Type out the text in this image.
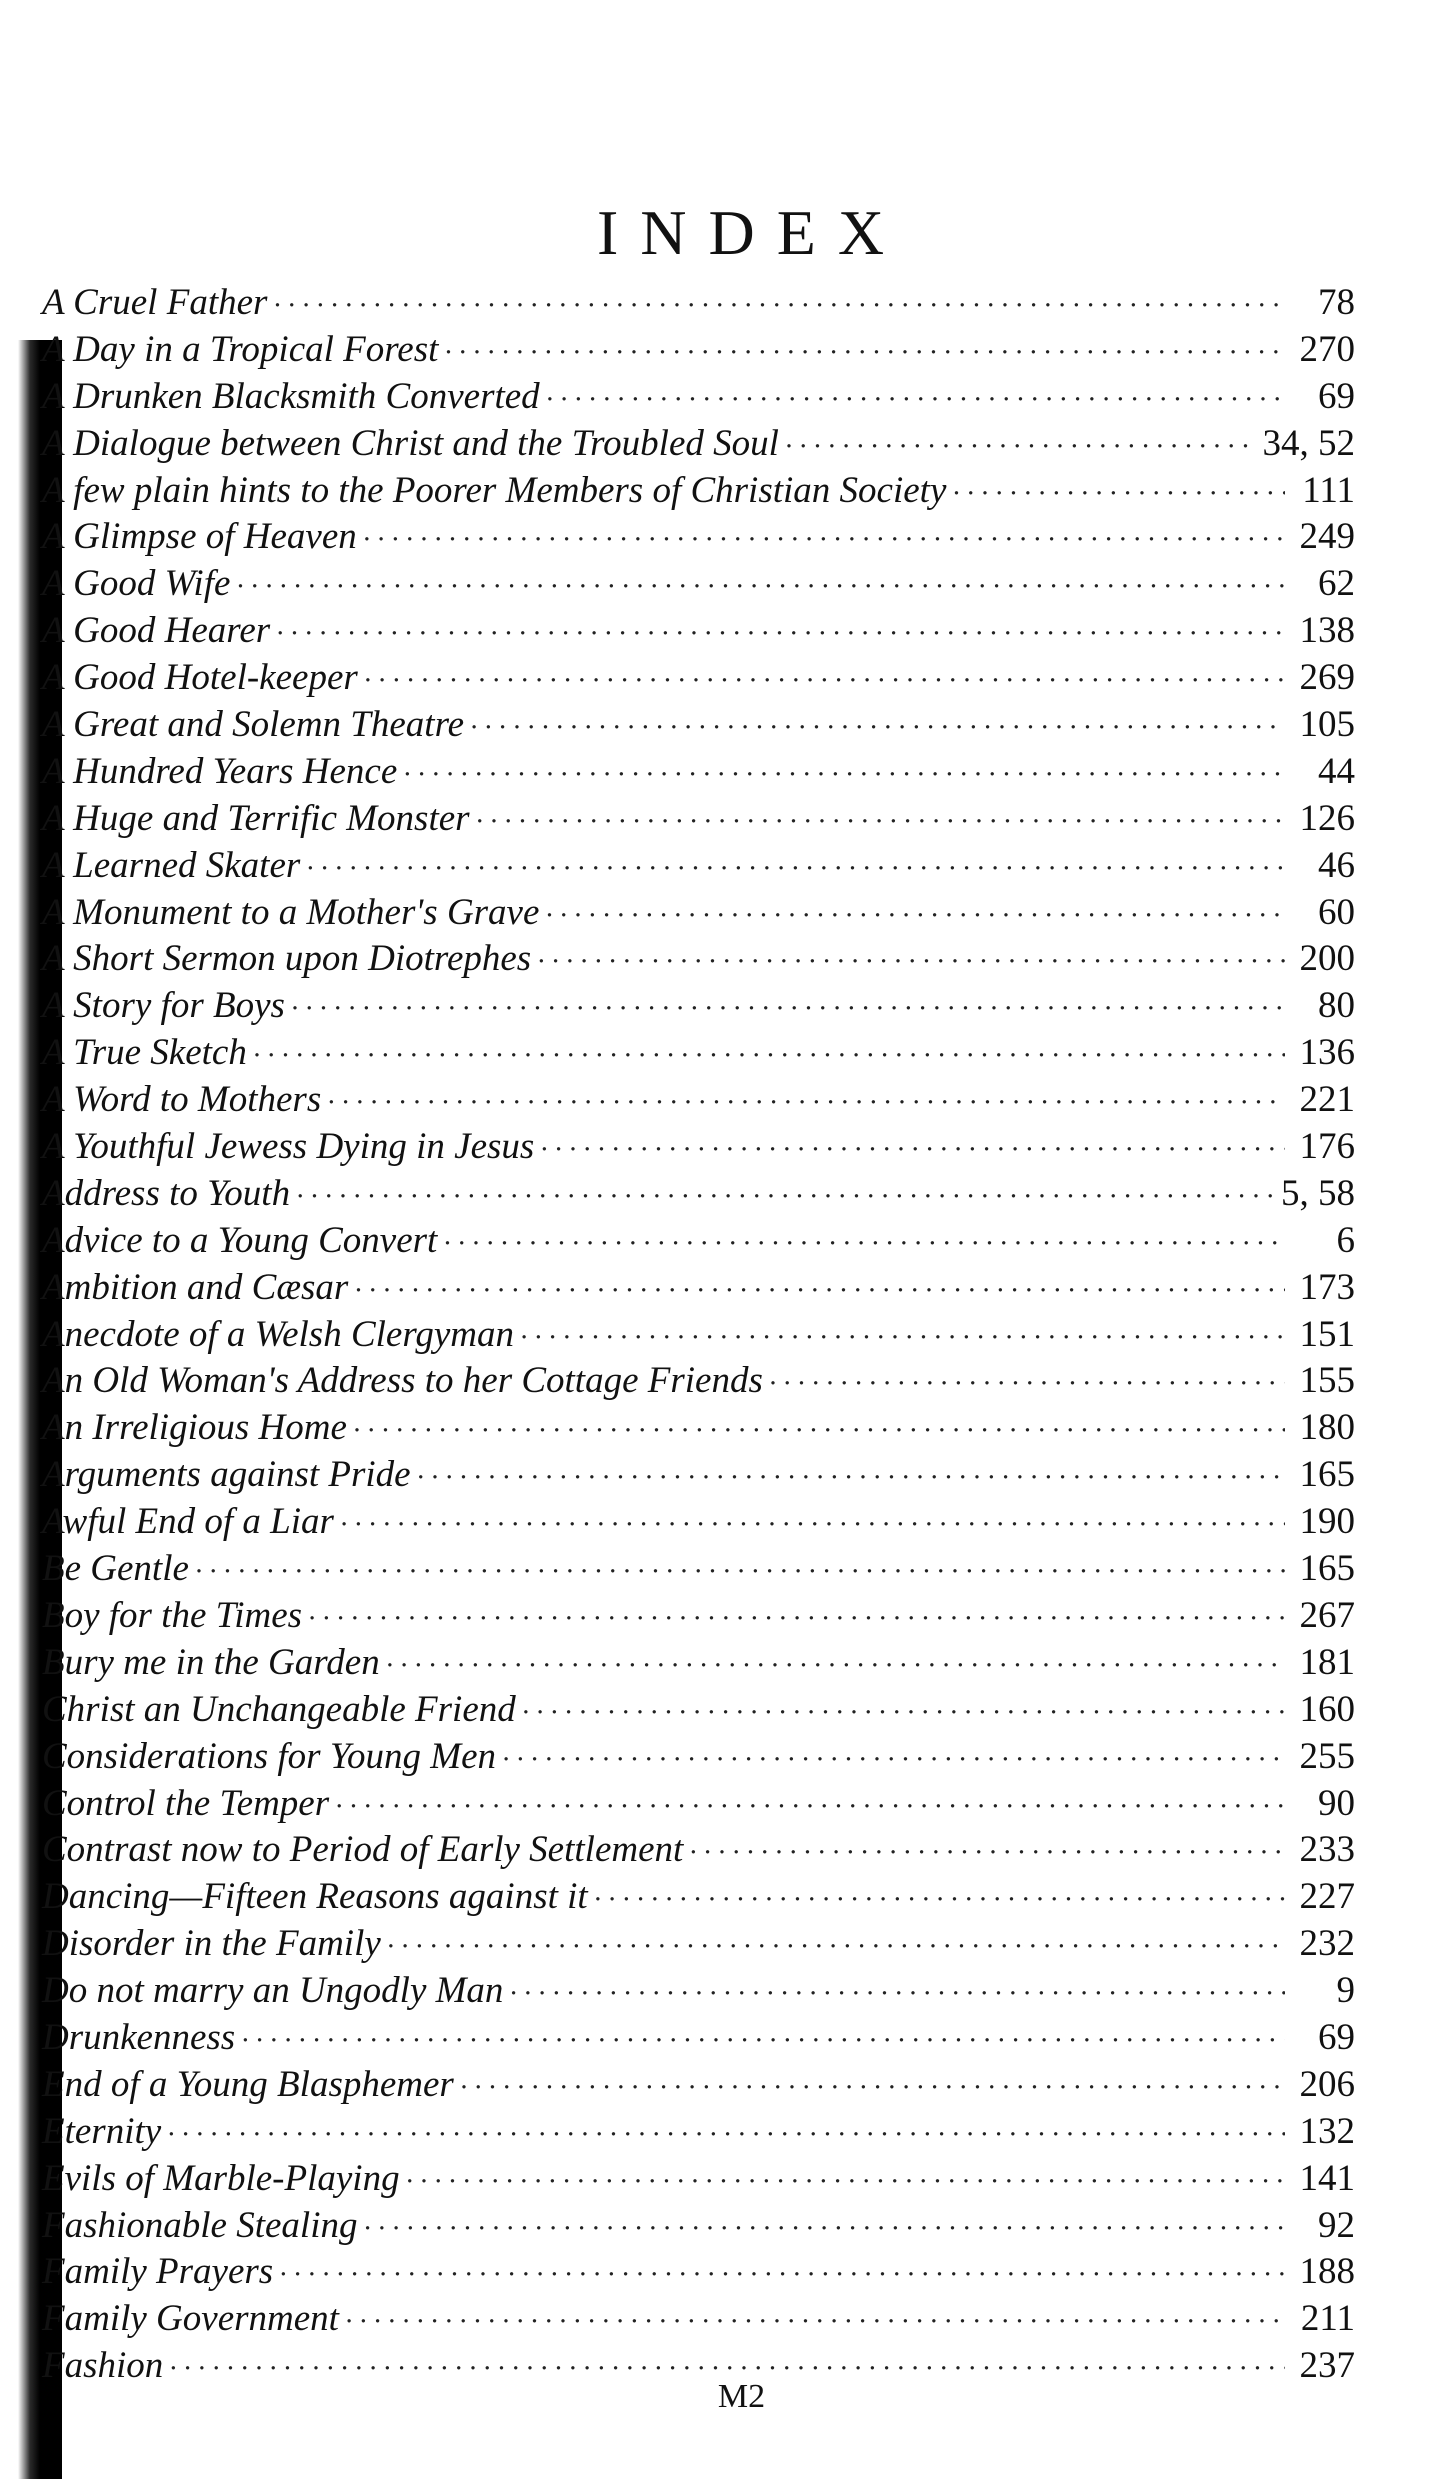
INDEX
A Cruel Father ·····	78
A Day in a Tropical Forest ·····	270
A Drunken Blacksmith Converted ·····	69
A Dialogue between Christ and the Troubled Soul ·····	34, 52
A few plain hints to the Poorer Members of Christian Society ·····	111
A Glimpse of Heaven ·····	249
A Good Wife ·····	62
A Good Hearer ·····	138
A Good Hotel-keeper ·····	269
A Great and Solemn Theatre ·····	105
A Hundred Years Hence ·····	44
A Huge and Terrific Monster ·····	126
A Learned Skater ·····	46
A Monument to a Mother's Grave ·····	60
A Short Sermon upon Diotrephes ·····	200
A Story for Boys ·····	80
A True Sketch ·····	136
A Word to Mothers ·····	221
A Youthful Jewess Dying in Jesus ·····	176
Address to Youth ·····	5, 58
Advice to a Young Convert ·····	6
Ambition and Cæsar ·····	173
Anecdote of a Welsh Clergyman ·····	151
An Old Woman's Address to her Cottage Friends ·····	155
An Irreligious Home ·····	180
Arguments against Pride ·····	165
Awful End of a Liar ·····	190
Be Gentle ·····	165
Boy for the Times ·····	267
Bury me in the Garden ·····	181
Christ an Unchangeable Friend ·····	160
Considerations for Young Men ·····	255
Control the Temper ·····	90
Contrast now to Period of Early Settlement ·····	233
Dancing—Fifteen Reasons against it ·····	227
Disorder in the Family ·····	232
Do not marry an Ungodly Man ·····	9
Drunkenness ·····	69
End of a Young Blasphemer ·····	206
Eternity ·····	132
Evils of Marble-Playing ·····	141
Fashionable Stealing ·····	92
Family Prayers ·····	188
Family Government ·····	211
Fashion ·····	237
M2
